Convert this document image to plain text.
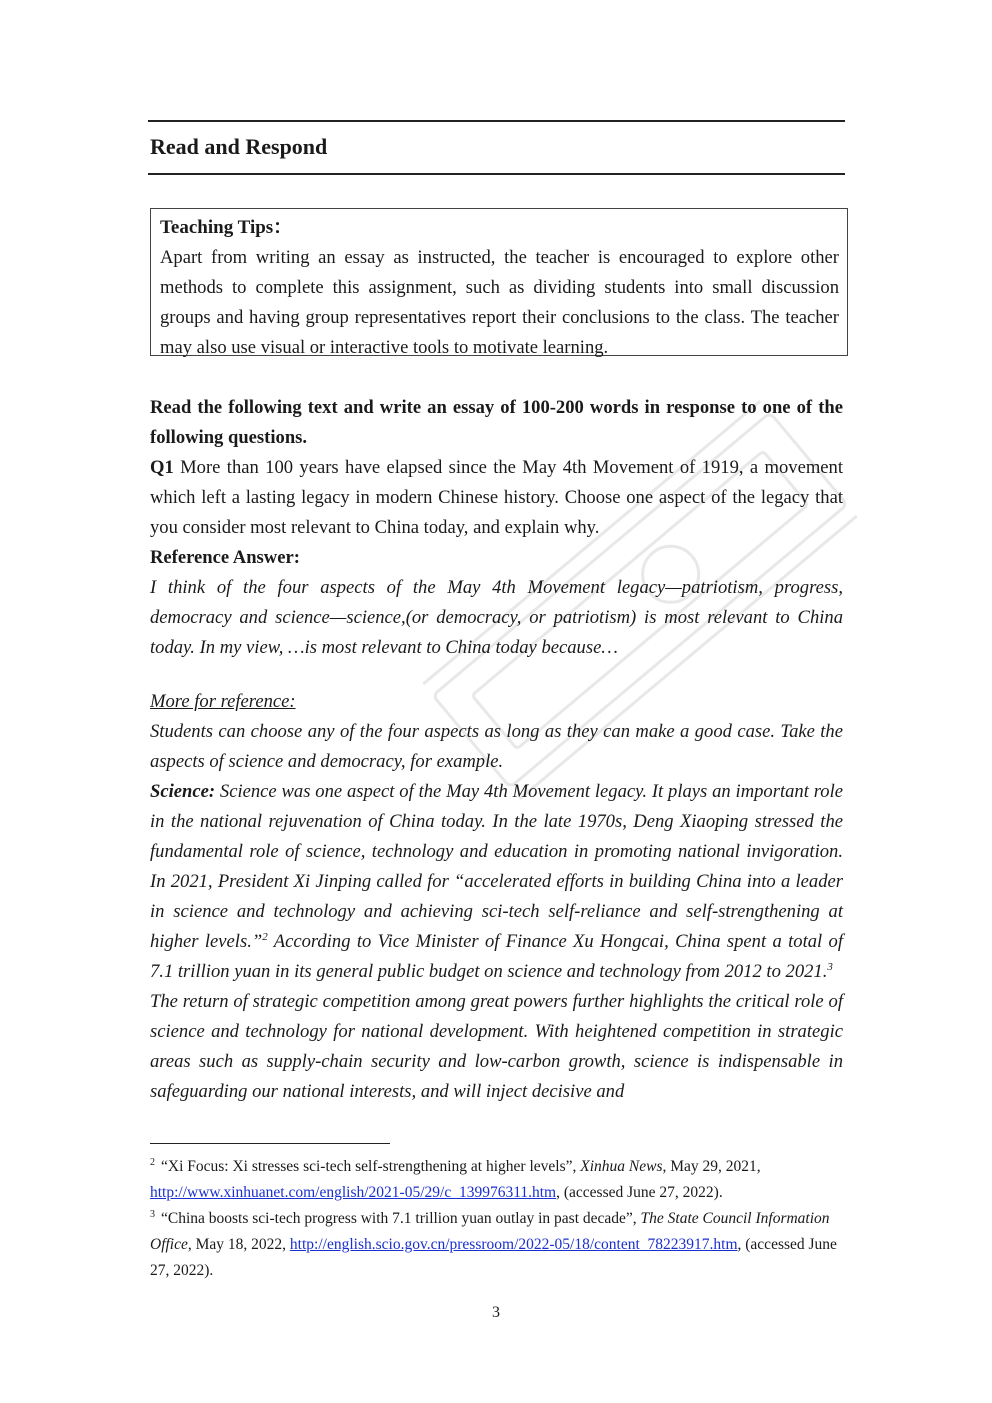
Read and Respond
Teaching Tips：

Apart from writing an essay as instructed, the teacher is encouraged to explore other methods to complete this assignment, such as dividing students into small discussion groups and having group representatives report their conclusions to the class. The teacher may also use visual or interactive tools to motivate learning.

Read the following text and write an essay of 100-200 words in response to one of the following questions.

Q1 More than 100 years have elapsed since the May 4th Movement of 1919, a movement which left a lasting legacy in modern Chinese history. Choose one aspect of the legacy that you consider most relevant to China today, and explain why.

Reference Answer:

I think of the four aspects of the May 4th Movement legacy—patriotism, progress, democracy and science—science,(or democracy, or patriotism) is most relevant to China today. In my view, …is most relevant to China today because…

More for reference:

Students can choose any of the four aspects as long as they can make a good case. Take the aspects of science and democracy, for example.

Science: Science was one aspect of the May 4th Movement legacy. It plays an important role in the national rejuvenation of China today. In the late 1970s, Deng Xiaoping stressed the fundamental role of science, technology and education in promoting national invigoration. In 2021, President Xi Jinping called for “accelerated efforts in building China into a leader in science and technology and achieving sci-tech self-reliance and self-strengthening at higher levels.”$^2$ According to Vice Minister of Finance Xu Hongcai, China spent a total of 7.1 trillion yuan in its general public budget on science and technology from 2012 to 2021.$^3$

The return of strategic competition among great powers further highlights the critical role of science and technology for national development. With heightened competition in strategic areas such as supply-chain security and low-carbon growth, science is indispensable in safeguarding our national interests, and will inject decisive and

$^2$ “Xi Focus: Xi stresses sci-tech self-strengthening at higher levels”, Xinhua News, May 29, 2021,
http://www.xinhuanet.com/english/2021-05/29/c_139976311.htm, (accessed June 27, 2022).

$^3$ “China boosts sci-tech progress with 7.1 trillion yuan outlay in past decade”, The State Council Information Office, May 18, 2022, http://english.scio.gov.cn/pressroom/2022-05/18/content_78223917.htm, (accessed June 27, 2022).

3
